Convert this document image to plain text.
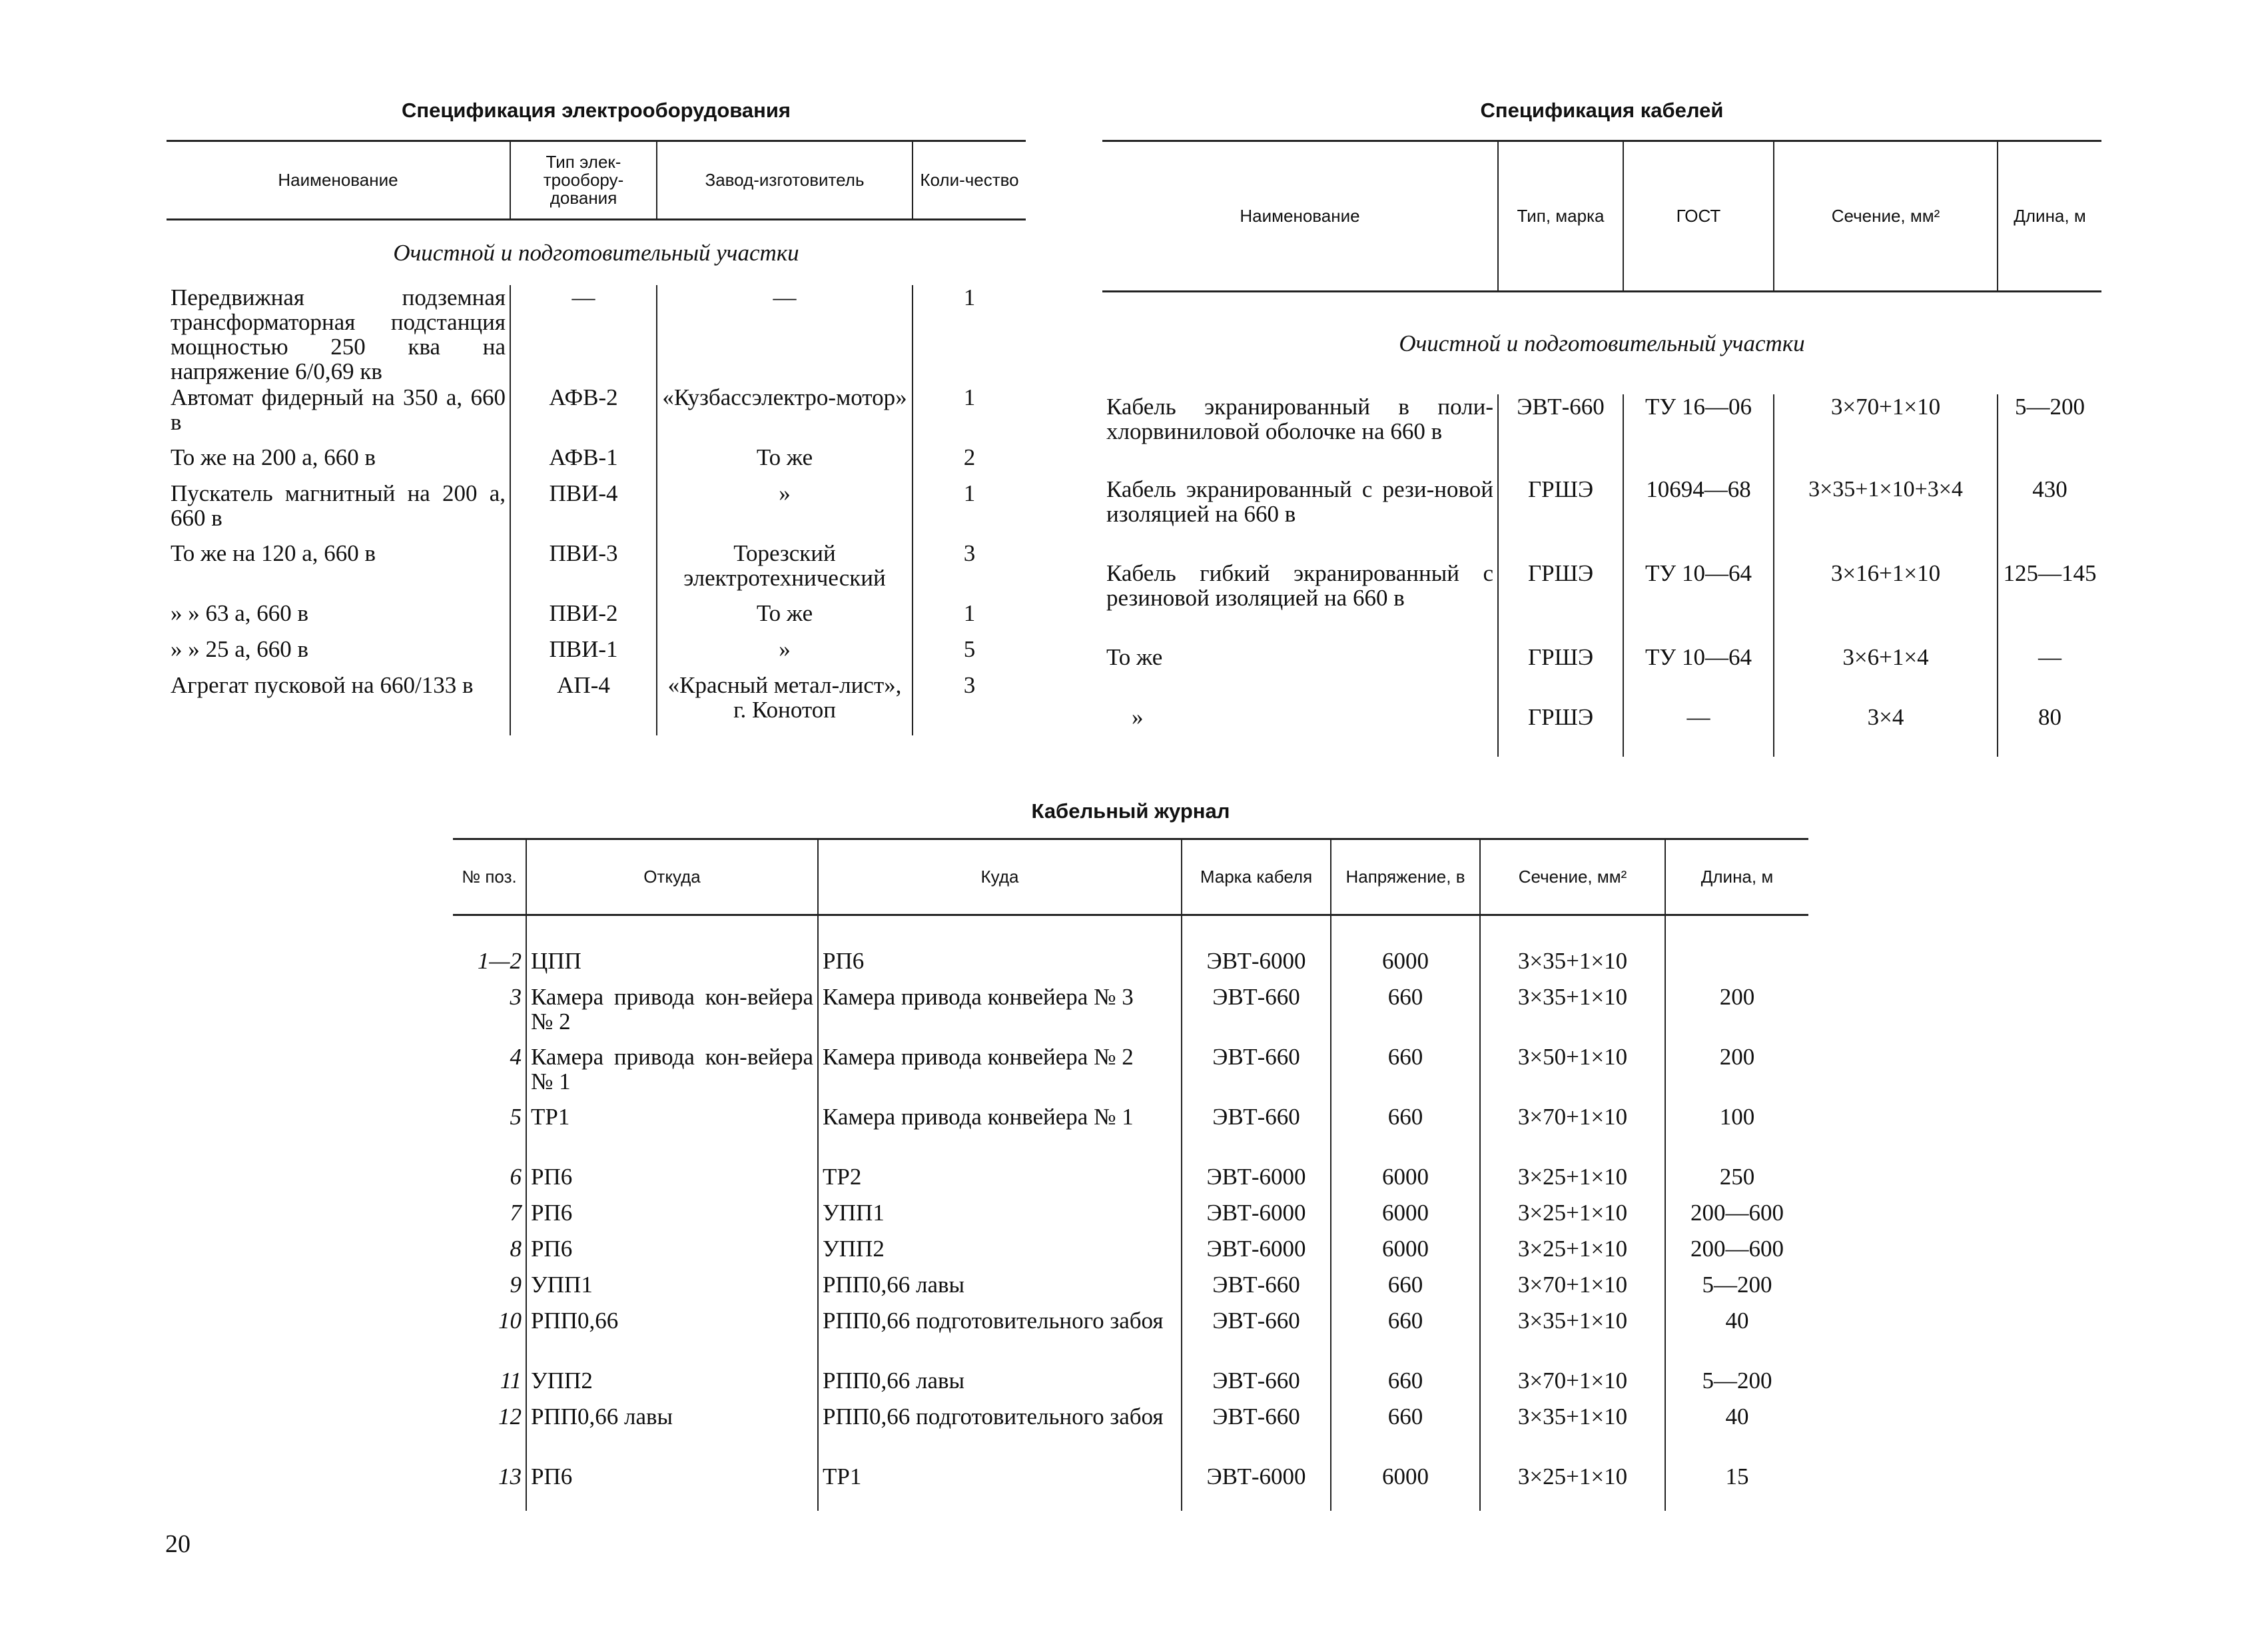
Спецификация электрооборудования
Наименование	Тип элек-трообору-дования	Завод-изготовитель	Коли-чество
Очистной и подготовительный участки			
Передвижная подземная трансформаторная подстанция мощностью 250 ква на напряжение 6/0,69 кв	—	—	1
Автомат фидерный на 350 а, 660 в	АФВ-2	«Кузбассэлектро-мотор»	1
То же на 200 а, 660 в	АФВ-1	То же	2
Пускатель магнитный на 200 а, 660 в	ПВИ-4	»	1
То же на 120 а, 660 в	ПВИ-3	Торезский электротехнический	3
» » 63 а, 660 в	ПВИ-2	То же	1
» » 25 а, 660 в	ПВИ-1	»	5
Агрегат пусковой на 660/133 в	АП-4	«Красный метал-лист», г. Конотоп	3
Спецификация кабелей
Наименование	Тип, марка	ГОСТ	Сечение, мм²	Длина, м
Очистной и подготовительный участки				
Кабель экранированный в поли-хлорвиниловой оболочке на 660 в	ЭВТ-660	ТУ 16—06	3×70+1×10	5—200
Кабель экранированный с рези-новой изоляцией на 660 в	ГРШЭ	10694—68	3×35+1×10+3×4	430
Кабель гибкий экранированный с резиновой изоляцией на 660 в	ГРШЭ	ТУ 10—64	3×16+1×10	125—145
То же	ГРШЭ	ТУ 10—64	3×6+1×4	—
»	ГРШЭ	—	3×4	80
Кабельный журнал
№ поз.	Откуда	Куда	Марка кабеля	Напряжение, в	Сечение, мм²	Длина, м

1—2	ЦПП	РП6	ЭВТ-6000	6000	3×35+1×10	
3	Камера привода кон-вейера № 2	Камера привода конвейера № 3	ЭВТ-660	660	3×35+1×10	200
4	Камера привода кон-вейера № 1	Камера привода конвейера № 2	ЭВТ-660	660	3×50+1×10	200
5	ТР1	Камера привода конвейера № 1	ЭВТ-660	660	3×70+1×10	100
6	РП6	ТР2	ЭВТ-6000	6000	3×25+1×10	250
7	РП6	УПП1	ЭВТ-6000	6000	3×25+1×10	200—600
8	РП6	УПП2	ЭВТ-6000	6000	3×25+1×10	200—600
9	УПП1	РПП0,66 лавы	ЭВТ-660	660	3×70+1×10	5—200
10	РПП0,66	РПП0,66 подготовительного забоя	ЭВТ-660	660	3×35+1×10	40
11	УПП2	РПП0,66 лавы	ЭВТ-660	660	3×70+1×10	5—200
12	РПП0,66 лавы	РПП0,66 подготовительного забоя	ЭВТ-660	660	3×35+1×10	40
13	РП6	ТР1	ЭВТ-6000	6000	3×25+1×10	15
20
